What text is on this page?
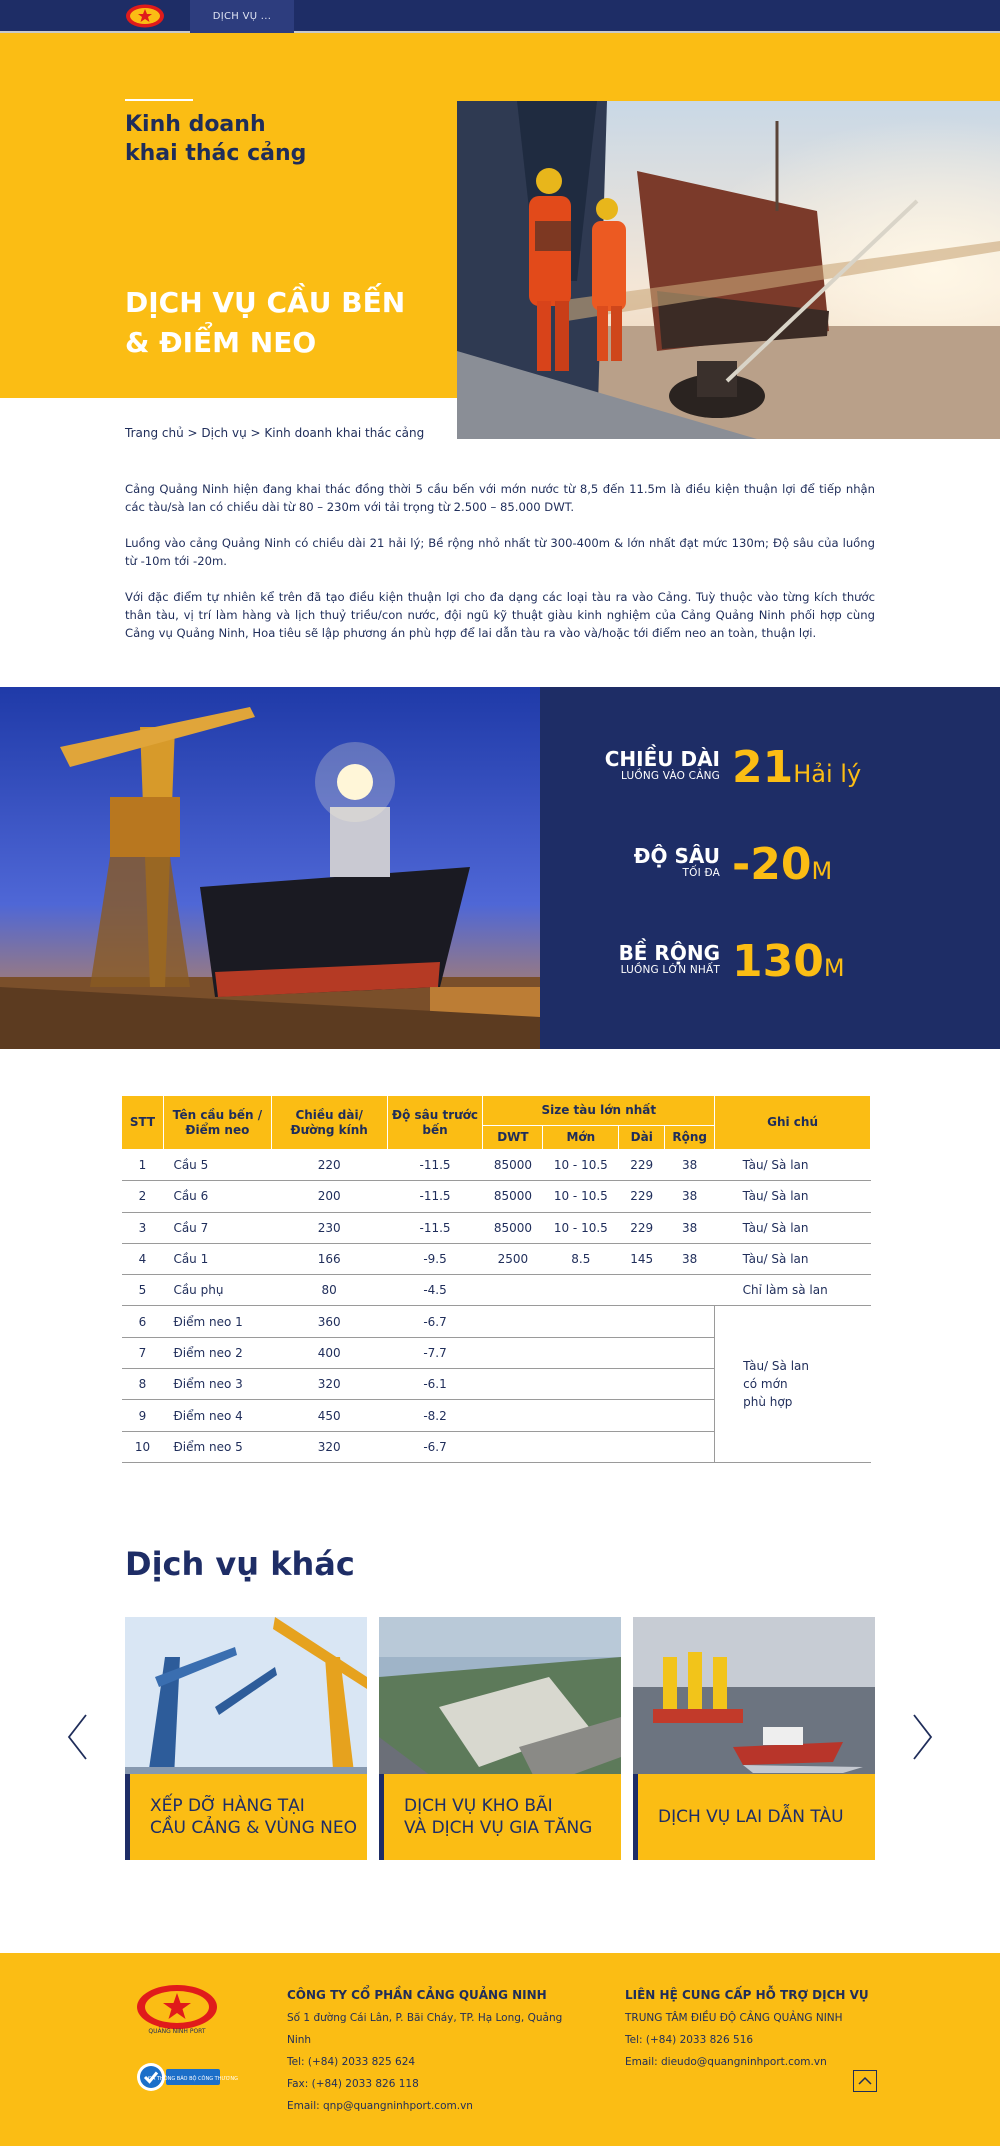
DỊCH VỤ ...
Kinh doanh
khai thác cảng
DỊCH VỤ CẦU BẾN
& ĐIỂM NEO
Trang chủ > Dịch vụ > Kinh doanh khai thác cảng

Cảng Quảng Ninh hiện đang khai thác đồng thời 5 cầu bến với mớn nước từ 8,5 đến 11.5m là điều kiện thuận lợi để tiếp nhận các tàu/sà lan có chiều dài từ 80 – 230m với tải trọng từ 2.500 – 85.000 DWT.

Luồng vào cảng Quảng Ninh có chiều dài 21 hải lý; Bề rộng nhỏ nhất từ 300-400m & lớn nhất đạt mức 130m; Độ sâu của luồng từ -10m tới -20m.

Với đặc điểm tự nhiên kể trên đã tạo điều kiện thuận lợi cho đa dạng các loại tàu ra vào Cảng. Tuỳ thuộc vào từng kích thước thân tàu, vị trí làm hàng và lịch thuỷ triều/con nước, đội ngũ kỹ thuật giàu kinh nghiệm của Cảng Quảng Ninh phối hợp cùng Cảng vụ Quảng Ninh, Hoa tiêu sẽ lập phương án phù hợp để lai dẫn tàu ra vào và/hoặc tới điểm neo an toàn, thuận lợi.

CHIỀU DÀI
LUỒNG VÀO CẢNG 21Hải lý
ĐỘ SÂU
TỐI ĐA -20M
BỀ RỘNG
LUỒNG LỚN NHẤT 130M
STT	Tên cầu bến /Điểm neo	Chiều dài/ Đường kính	Độ sâu trước bến	Size tàu lớn nhất				Ghi chú
				DWT	Mớn	Dài	Rộng	
1	Cầu 5	220	-11.5	85000	10 - 10.5	229	38	Tàu/ Sà lan
2	Cầu 6	200	-11.5	85000	10 - 10.5	229	38	Tàu/ Sà lan
3	Cầu 7	230	-11.5	85000	10 - 10.5	229	38	Tàu/ Sà lan
4	Cầu 1	166	-9.5	2500	8.5	145	38	Tàu/ Sà lan
5	Cầu phụ	80	-4.5					Chỉ làm sà lan
6	Điểm neo 1	360	-6.7					Tàu/ Sà lan
có mớn
phù hợp

7	Điểm neo 2	400	-7.7					
8	Điểm neo 3	320	-6.1					
9	Điểm neo 4	450	-8.2					
10	Điểm neo 5	320	-6.7					
Dịch vụ khác
XẾP DỠ HÀNG TẠI
CẦU CẢNG & VÙNG NEO
DỊCH VỤ KHO BÃI
VÀ DỊCH VỤ GIA TĂNG
DỊCH VỤ LAI DẪN TÀU
QUẢNG NINH PORT
ĐÃ THÔNG BÁO BỘ CÔNG THƯƠNG
CÔNG TY CỔ PHẦN CẢNG QUẢNG NINH
Số 1 đường Cái Lân, P. Bãi Cháy, TP. Hạ Long, Quảng Ninh
Tel: (+84) 2033 825 624
Fax: (+84) 2033 826 118
Email: qnp@quangninhport.com.vn
LIÊN HỆ CUNG CẤP HỖ TRỢ DỊCH VỤ
TRUNG TÂM ĐIỀU ĐỘ CẢNG QUẢNG NINH
Tel: (+84) 2033 826 516
Email: dieudo@quangninhport.com.vn
